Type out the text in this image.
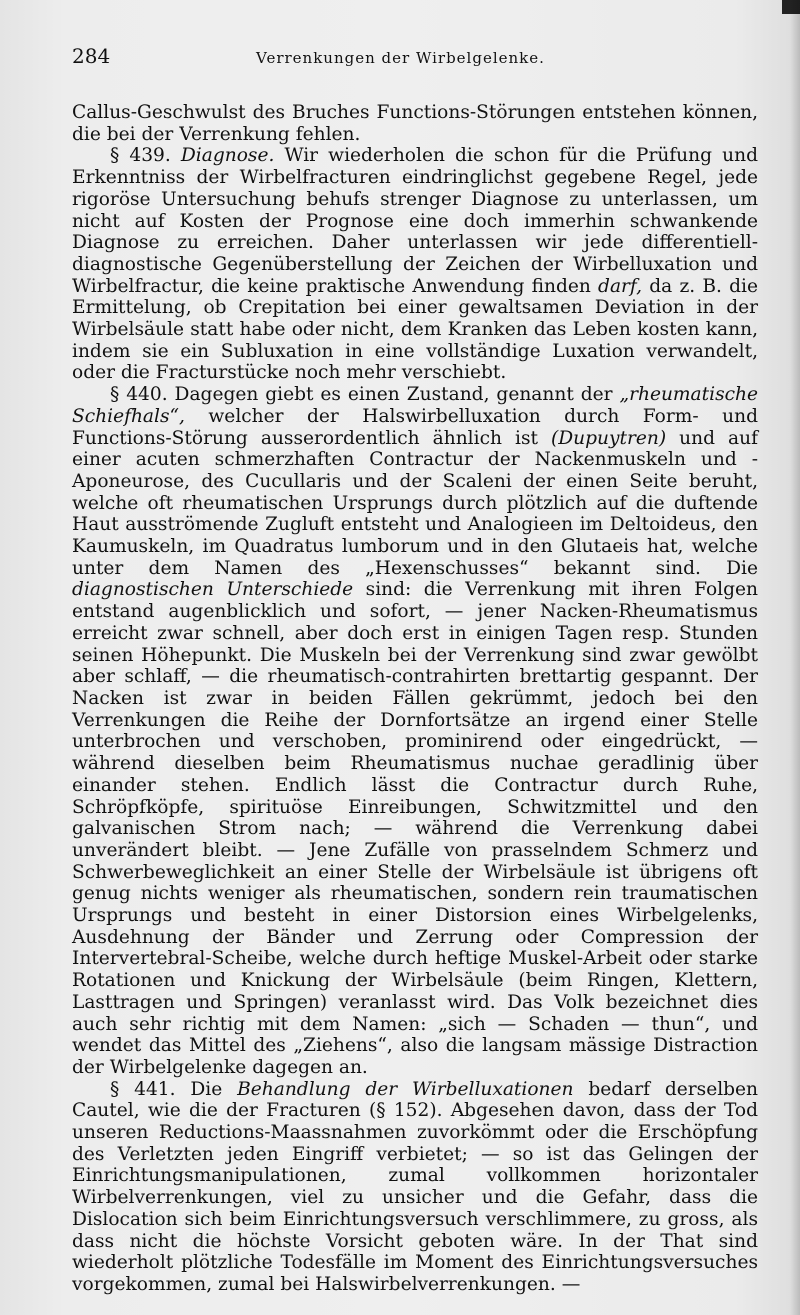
284	Verrenkungen der Wirbelgelenke.

Callus-Geschwulst des Bruches Functions-Störungen entstehen können, die bei der Verrenkung fehlen.

§ 439. Diagnose. Wir wiederholen die schon für die Prüfung und Erkenntniss der Wirbelfracturen eindringlichst gegebene Regel, jede rigoröse Untersuchung behufs strenger Diagnose zu unterlassen, um nicht auf Kosten der Prognose eine doch immerhin schwankende Diagnose zu erreichen. Daher unterlassen wir jede differentiell-diagnostische Gegenüberstellung der Zeichen der Wirbelluxation und Wirbelfractur, die keine praktische Anwendung finden darf, da z. B. die Ermittelung, ob Crepitation bei einer gewaltsamen Deviation in der Wirbelsäule statt habe oder nicht, dem Kranken das Leben kosten kann, indem sie ein Subluxation in eine vollständige Luxation verwandelt, oder die Fracturstücke noch mehr verschiebt.

§ 440. Dagegen giebt es einen Zustand, genannt der „rheumatische Schiefhals“, welcher der Halswirbelluxation durch Form- und Functions-Störung ausserordentlich ähnlich ist (Dupuytren) und auf einer acuten schmerzhaften Contractur der Nackenmuskeln und -Aponeurose, des Cucullaris und der Scaleni der einen Seite beruht, welche oft rheumatischen Ursprungs durch plötzlich auf die duftende Haut ausströmende Zugluft entsteht und Analogieen im Deltoideus, den Kaumuskeln, im Quadratus lumborum und in den Glutaeis hat, welche unter dem Namen des „Hexenschusses“ bekannt sind. Die diagnostischen Unterschiede sind: die Verrenkung mit ihren Folgen entstand augenblicklich und sofort, — jener Nacken-Rheumatismus erreicht zwar schnell, aber doch erst in einigen Tagen resp. Stunden seinen Höhepunkt. Die Muskeln bei der Verrenkung sind zwar gewölbt aber schlaff, — die rheumatisch-contrahirten brettartig gespannt. Der Nacken ist zwar in beiden Fällen gekrümmt, jedoch bei den Verrenkungen die Reihe der Dornfortsätze an irgend einer Stelle unterbrochen und verschoben, prominirend oder eingedrückt, — während dieselben beim Rheumatismus nuchae geradlinig über einander stehen. Endlich lässt die Contractur durch Ruhe, Schröpfköpfe, spirituöse Einreibungen, Schwitzmittel und den galvanischen Strom nach; — während die Verrenkung dabei unverändert bleibt. — Jene Zufälle von prasselndem Schmerz und Schwerbeweglichkeit an einer Stelle der Wirbelsäule ist übrigens oft genug nichts weniger als rheumatischen, sondern rein traumatischen Ursprungs und besteht in einer Distorsion eines Wirbelgelenks, Ausdehnung der Bänder und Zerrung oder Compression der Intervertebral-Scheibe, welche durch heftige Muskel-Arbeit oder starke Rotationen und Knickung der Wirbelsäule (beim Ringen, Klettern, Lasttragen und Springen) veranlasst wird. Das Volk bezeichnet dies auch sehr richtig mit dem Namen: „sich — Schaden — thun“, und wendet das Mittel des „Ziehens“, also die langsam mässige Distraction der Wirbelgelenke dagegen an.

§ 441. Die Behandlung der Wirbelluxationen bedarf derselben Cautel, wie die der Fracturen (§ 152). Abgesehen davon, dass der Tod unseren Reductions-Maassnahmen zuvorkömmt oder die Erschöpfung des Verletzten jeden Eingriff verbietet; — so ist das Gelingen der Einrichtungsmanipulationen, zumal vollkommen horizontaler Wirbelverrenkungen, viel zu unsicher und die Gefahr, dass die Dislocation sich beim Einrichtungsversuch verschlimmere, zu gross, als dass nicht die höchste Vorsicht geboten wäre. In der That sind wiederholt plötzliche Todesfälle im Moment des Einrichtungsversuches vorgekommen, zumal bei Halswirbelverrenkungen. —
